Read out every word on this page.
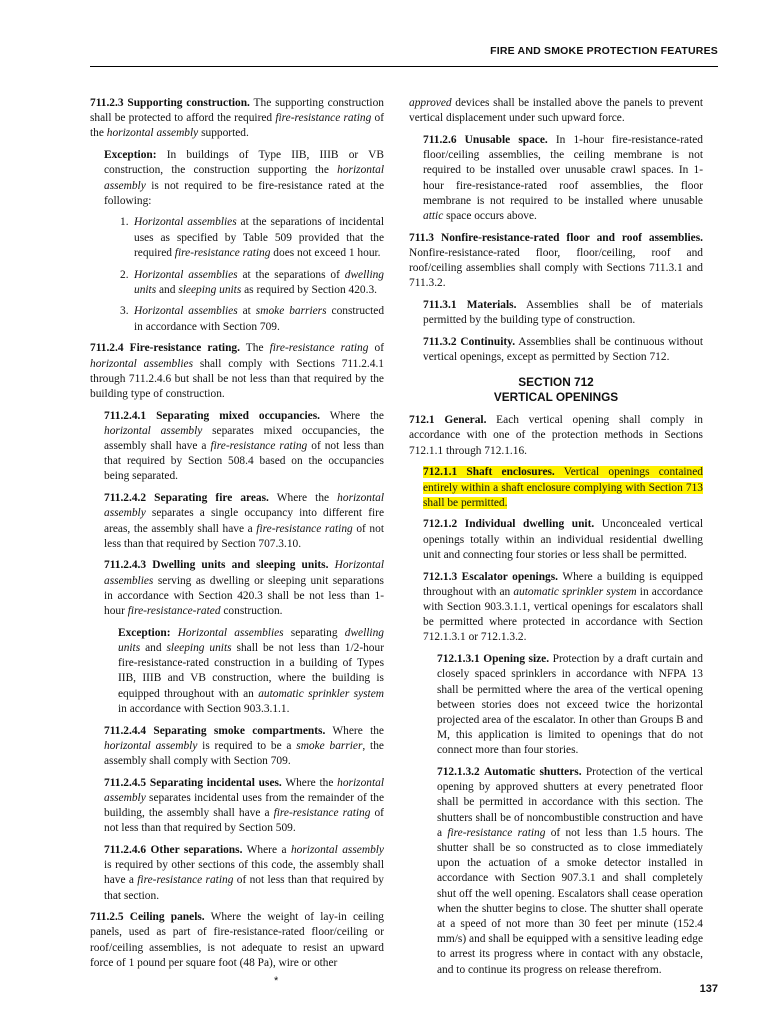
FIRE AND SMOKE PROTECTION FEATURES

711.2.3 Supporting construction. The supporting construction shall be protected to afford the required fire-resistance rating of the horizontal assembly supported.

Exception: In buildings of Type IIB, IIIB or VB construction, the construction supporting the horizontal assembly is not required to be fire-resistance rated at the following:

1. Horizontal assemblies at the separations of incidental uses as specified by Table 509 provided that the required fire-resistance rating does not exceed 1 hour.

2. Horizontal assemblies at the separations of dwelling units and sleeping units as required by Section 420.3.

3. Horizontal assemblies at smoke barriers constructed in accordance with Section 709.

711.2.4 Fire-resistance rating. The fire-resistance rating of horizontal assemblies shall comply with Sections 711.2.4.1 through 711.2.4.6 but shall be not less than that required by the building type of construction.

711.2.4.1 Separating mixed occupancies. Where the horizontal assembly separates mixed occupancies, the assembly shall have a fire-resistance rating of not less than that required by Section 508.4 based on the occupancies being separated.

711.2.4.2 Separating fire areas. Where the horizontal assembly separates a single occupancy into different fire areas, the assembly shall have a fire-resistance rating of not less than that required by Section 707.3.10.

711.2.4.3 Dwelling units and sleeping units. Horizontal assemblies serving as dwelling or sleeping unit separations in accordance with Section 420.3 shall be not less than 1-hour fire-resistance-rated construction.

Exception: Horizontal assemblies separating dwelling units and sleeping units shall be not less than 1/2-hour fire-resistance-rated construction in a building of Types IIB, IIIB and VB construction, where the building is equipped throughout with an automatic sprinkler system in accordance with Section 903.3.1.1.

711.2.4.4 Separating smoke compartments. Where the horizontal assembly is required to be a smoke barrier, the assembly shall comply with Section 709.

711.2.4.5 Separating incidental uses. Where the horizontal assembly separates incidental uses from the remainder of the building, the assembly shall have a fire-resistance rating of not less than that required by Section 509.

711.2.4.6 Other separations. Where a horizontal assembly is required by other sections of this code, the assembly shall have a fire-resistance rating of not less than that required by that section.

711.2.5 Ceiling panels. Where the weight of lay-in ceiling panels, used as part of fire-resistance-rated floor/ceiling or roof/ceiling assemblies, is not adequate to resist an upward force of 1 pound per square foot (48 Pa), wire or other

approved devices shall be installed above the panels to prevent vertical displacement under such upward force.

711.2.6 Unusable space. In 1-hour fire-resistance-rated floor/ceiling assemblies, the ceiling membrane is not required to be installed over unusable crawl spaces. In 1-hour fire-resistance-rated roof assemblies, the floor membrane is not required to be installed where unusable attic space occurs above.

711.3 Nonfire-resistance-rated floor and roof assemblies. Nonfire-resistance-rated floor, floor/ceiling, roof and roof/ceiling assemblies shall comply with Sections 711.3.1 and 711.3.2.

711.3.1 Materials. Assemblies shall be of materials permitted by the building type of construction.

711.3.2 Continuity. Assemblies shall be continuous without vertical openings, except as permitted by Section 712.

SECTION 712
VERTICAL OPENINGS

712.1 General. Each vertical opening shall comply in accordance with one of the protection methods in Sections 712.1.1 through 712.1.16.

712.1.1 Shaft enclosures. Vertical openings contained entirely within a shaft enclosure complying with Section 713 shall be permitted.

712.1.2 Individual dwelling unit. Unconcealed vertical openings totally within an individual residential dwelling unit and connecting four stories or less shall be permitted.

712.1.3 Escalator openings. Where a building is equipped throughout with an automatic sprinkler system in accordance with Section 903.3.1.1, vertical openings for escalators shall be permitted where protected in accordance with Section 712.1.3.1 or 712.1.3.2.

712.1.3.1 Opening size. Protection by a draft curtain and closely spaced sprinklers in accordance with NFPA 13 shall be permitted where the area of the vertical opening between stories does not exceed twice the horizontal projected area of the escalator. In other than Groups B and M, this application is limited to openings that do not connect more than four stories.

712.1.3.2 Automatic shutters. Protection of the vertical opening by approved shutters at every penetrated floor shall be permitted in accordance with this section. The shutters shall be of noncombustible construction and have a fire-resistance rating of not less than 1.5 hours. The shutter shall be so constructed as to close immediately upon the actuation of a smoke detector installed in accordance with Section 907.3.1 and shall completely shut off the well opening. Escalators shall cease operation when the shutter begins to close. The shutter shall operate at a speed of not more than 30 feet per minute (152.4 mm/s) and shall be equipped with a sensitive leading edge to arrest its progress where in contact with any obstacle, and to continue its progress on release therefrom.

*
137
